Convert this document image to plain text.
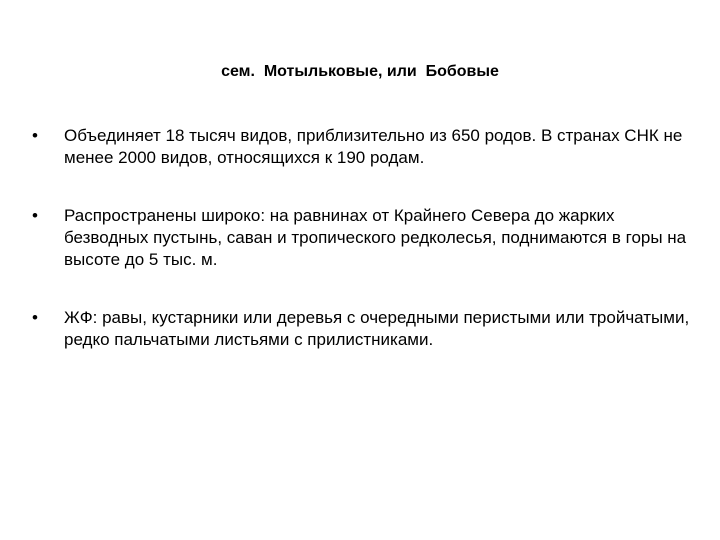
сем.  Мотыльковые, или  Бобовые
•	Объединяет 18 тысяч видов, приблизительно из 650 родов. В странах СНК не менее 2000 видов, относящихся к 190 родам.
•	Распространены широко: на равнинах от Крайнего Севера до жарких безводных пустынь, саван и тропического редколесья, поднимаются в горы на высоте до 5 тыс. м.
•	ЖФ: равы, кустарники или деревья с очередными перистыми или тройчатыми, редко пальчатыми листьями с прилистниками.
